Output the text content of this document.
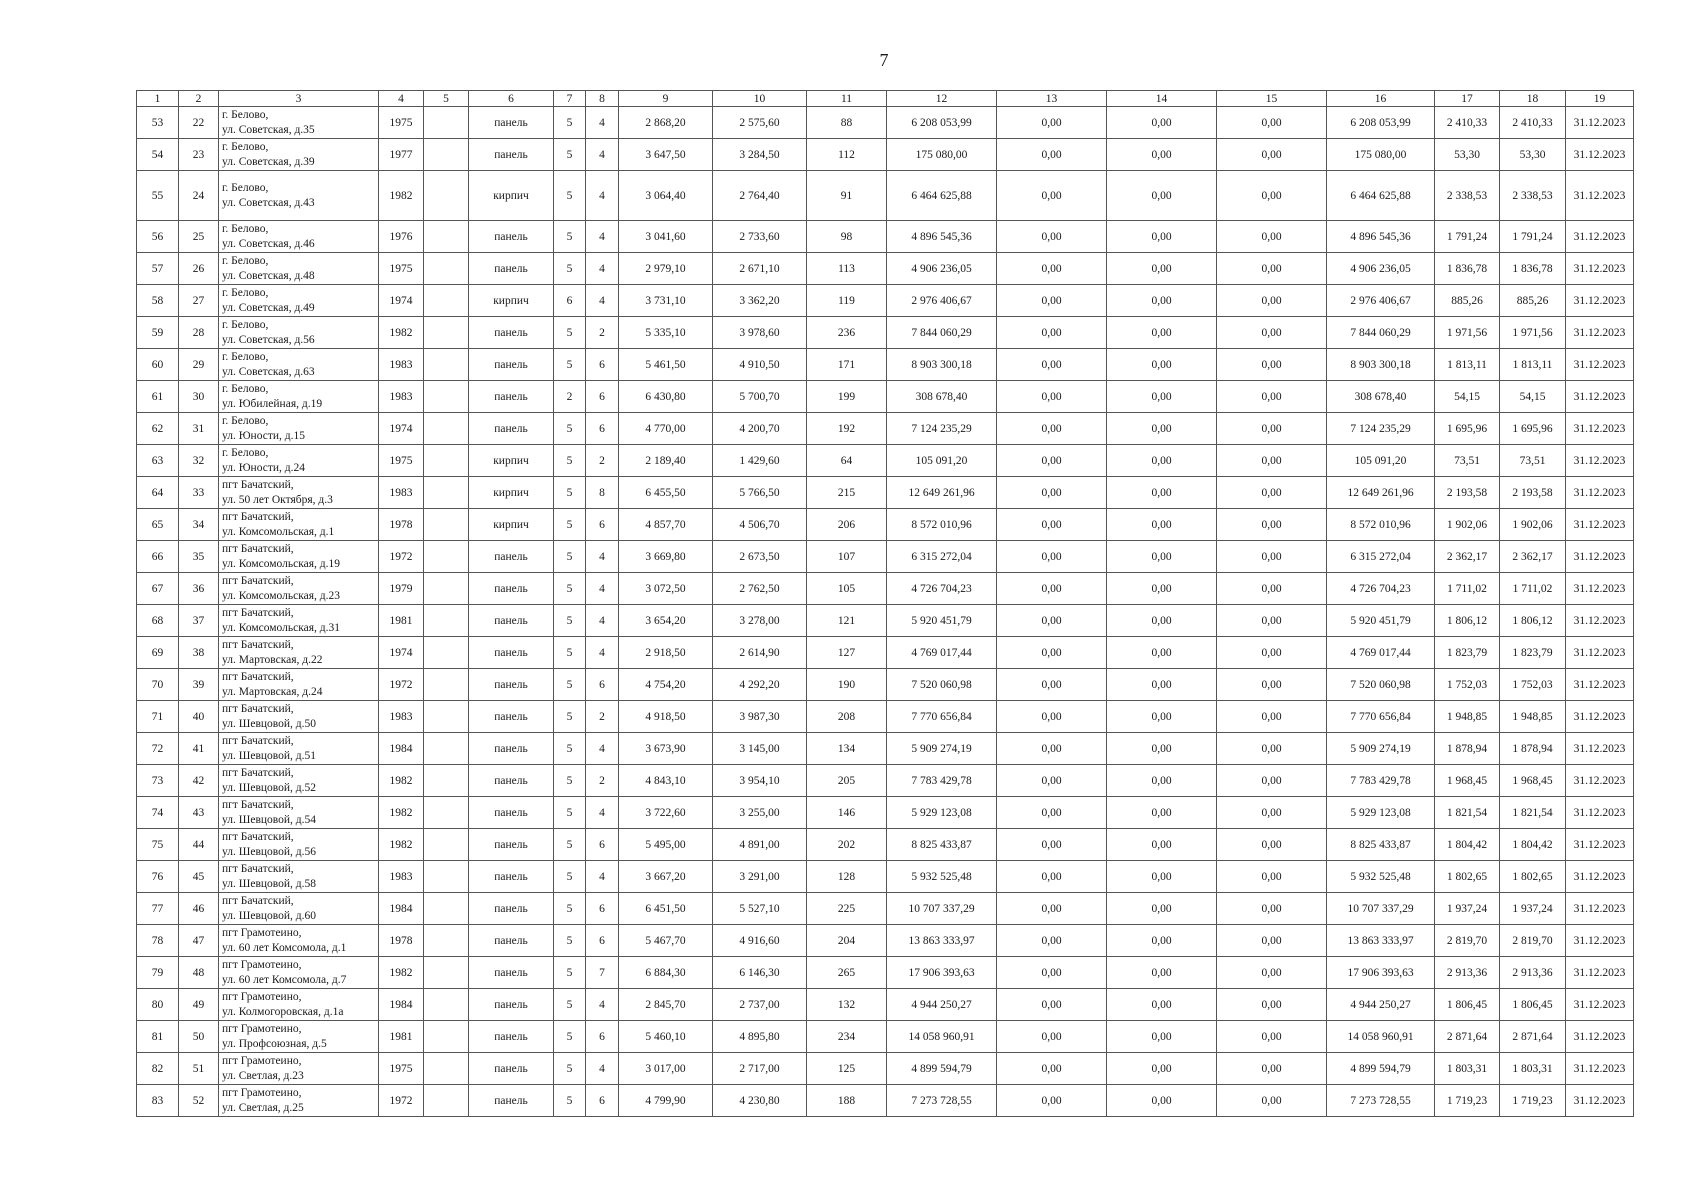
7
1	2	3	4	5	6	7	8	9	10	11	12	13	14	15	16	17	18	19
53	22	г. Белово,
ул. Советская, д.35	1975		панель	5	4	2 868,20	2 575,60	88	6 208 053,99	0,00	0,00	0,00	6 208 053,99	2 410,33	2 410,33	31.12.2023
54	23	г. Белово,
ул. Советская, д.39	1977		панель	5	4	3 647,50	3 284,50	112	175 080,00	0,00	0,00	0,00	175 080,00	53,30	53,30	31.12.2023
55	24	г. Белово,
ул. Советская, д.43	1982		кирпич	5	4	3 064,40	2 764,40	91	6 464 625,88	0,00	0,00	0,00	6 464 625,88	2 338,53	2 338,53	31.12.2023
56	25	г. Белово,
ул. Советская, д.46	1976		панель	5	4	3 041,60	2 733,60	98	4 896 545,36	0,00	0,00	0,00	4 896 545,36	1 791,24	1 791,24	31.12.2023
57	26	г. Белово,
ул. Советская, д.48	1975		панель	5	4	2 979,10	2 671,10	113	4 906 236,05	0,00	0,00	0,00	4 906 236,05	1 836,78	1 836,78	31.12.2023
58	27	г. Белово,
ул. Советская, д.49	1974		кирпич	6	4	3 731,10	3 362,20	119	2 976 406,67	0,00	0,00	0,00	2 976 406,67	885,26	885,26	31.12.2023
59	28	г. Белово,
ул. Советская, д.56	1982		панель	5	2	5 335,10	3 978,60	236	7 844 060,29	0,00	0,00	0,00	7 844 060,29	1 971,56	1 971,56	31.12.2023
60	29	г. Белово,
ул. Советская, д.63	1983		панель	5	6	5 461,50	4 910,50	171	8 903 300,18	0,00	0,00	0,00	8 903 300,18	1 813,11	1 813,11	31.12.2023
61	30	г. Белово,
ул. Юбилейная, д.19	1983		панель	2	6	6 430,80	5 700,70	199	308 678,40	0,00	0,00	0,00	308 678,40	54,15	54,15	31.12.2023
62	31	г. Белово,
ул. Юности, д.15	1974		панель	5	6	4 770,00	4 200,70	192	7 124 235,29	0,00	0,00	0,00	7 124 235,29	1 695,96	1 695,96	31.12.2023
63	32	г. Белово,
ул. Юности, д.24	1975		кирпич	5	2	2 189,40	1 429,60	64	105 091,20	0,00	0,00	0,00	105 091,20	73,51	73,51	31.12.2023
64	33	пгт Бачатский,
ул. 50 лет Октября, д.3	1983		кирпич	5	8	6 455,50	5 766,50	215	12 649 261,96	0,00	0,00	0,00	12 649 261,96	2 193,58	2 193,58	31.12.2023
65	34	пгт Бачатский,
ул. Комсомольская, д.1	1978		кирпич	5	6	4 857,70	4 506,70	206	8 572 010,96	0,00	0,00	0,00	8 572 010,96	1 902,06	1 902,06	31.12.2023
66	35	пгт Бачатский,
ул. Комсомольская, д.19	1972		панель	5	4	3 669,80	2 673,50	107	6 315 272,04	0,00	0,00	0,00	6 315 272,04	2 362,17	2 362,17	31.12.2023
67	36	пгт Бачатский,
ул. Комсомольская, д.23	1979		панель	5	4	3 072,50	2 762,50	105	4 726 704,23	0,00	0,00	0,00	4 726 704,23	1 711,02	1 711,02	31.12.2023
68	37	пгт Бачатский,
ул. Комсомольская, д.31	1981		панель	5	4	3 654,20	3 278,00	121	5 920 451,79	0,00	0,00	0,00	5 920 451,79	1 806,12	1 806,12	31.12.2023
69	38	пгт Бачатский,
ул. Мартовская, д.22	1974		панель	5	4	2 918,50	2 614,90	127	4 769 017,44	0,00	0,00	0,00	4 769 017,44	1 823,79	1 823,79	31.12.2023
70	39	пгт Бачатский,
ул. Мартовская, д.24	1972		панель	5	6	4 754,20	4 292,20	190	7 520 060,98	0,00	0,00	0,00	7 520 060,98	1 752,03	1 752,03	31.12.2023
71	40	пгт Бачатский,
ул. Шевцовой, д.50	1983		панель	5	2	4 918,50	3 987,30	208	7 770 656,84	0,00	0,00	0,00	7 770 656,84	1 948,85	1 948,85	31.12.2023
72	41	пгт Бачатский,
ул. Шевцовой, д.51	1984		панель	5	4	3 673,90	3 145,00	134	5 909 274,19	0,00	0,00	0,00	5 909 274,19	1 878,94	1 878,94	31.12.2023
73	42	пгт Бачатский,
ул. Шевцовой, д.52	1982		панель	5	2	4 843,10	3 954,10	205	7 783 429,78	0,00	0,00	0,00	7 783 429,78	1 968,45	1 968,45	31.12.2023
74	43	пгт Бачатский,
ул. Шевцовой, д.54	1982		панель	5	4	3 722,60	3 255,00	146	5 929 123,08	0,00	0,00	0,00	5 929 123,08	1 821,54	1 821,54	31.12.2023
75	44	пгт Бачатский,
ул. Шевцовой, д.56	1982		панель	5	6	5 495,00	4 891,00	202	8 825 433,87	0,00	0,00	0,00	8 825 433,87	1 804,42	1 804,42	31.12.2023
76	45	пгт Бачатский,
ул. Шевцовой, д.58	1983		панель	5	4	3 667,20	3 291,00	128	5 932 525,48	0,00	0,00	0,00	5 932 525,48	1 802,65	1 802,65	31.12.2023
77	46	пгт Бачатский,
ул. Шевцовой, д.60	1984		панель	5	6	6 451,50	5 527,10	225	10 707 337,29	0,00	0,00	0,00	10 707 337,29	1 937,24	1 937,24	31.12.2023
78	47	пгт Грамотеино,
ул. 60 лет Комсомола, д.1	1978		панель	5	6	5 467,70	4 916,60	204	13 863 333,97	0,00	0,00	0,00	13 863 333,97	2 819,70	2 819,70	31.12.2023
79	48	пгт Грамотеино,
ул. 60 лет Комсомола, д.7	1982		панель	5	7	6 884,30	6 146,30	265	17 906 393,63	0,00	0,00	0,00	17 906 393,63	2 913,36	2 913,36	31.12.2023
80	49	пгт Грамотеино,
ул. Колмогоровская, д.1а	1984		панель	5	4	2 845,70	2 737,00	132	4 944 250,27	0,00	0,00	0,00	4 944 250,27	1 806,45	1 806,45	31.12.2023
81	50	пгт Грамотеино,
ул. Профсоюзная, д.5	1981		панель	5	6	5 460,10	4 895,80	234	14 058 960,91	0,00	0,00	0,00	14 058 960,91	2 871,64	2 871,64	31.12.2023
82	51	пгт Грамотеино,
ул. Светлая, д.23	1975		панель	5	4	3 017,00	2 717,00	125	4 899 594,79	0,00	0,00	0,00	4 899 594,79	1 803,31	1 803,31	31.12.2023
83	52	пгт Грамотеино,
ул. Светлая, д.25	1972		панель	5	6	4 799,90	4 230,80	188	7 273 728,55	0,00	0,00	0,00	7 273 728,55	1 719,23	1 719,23	31.12.2023
